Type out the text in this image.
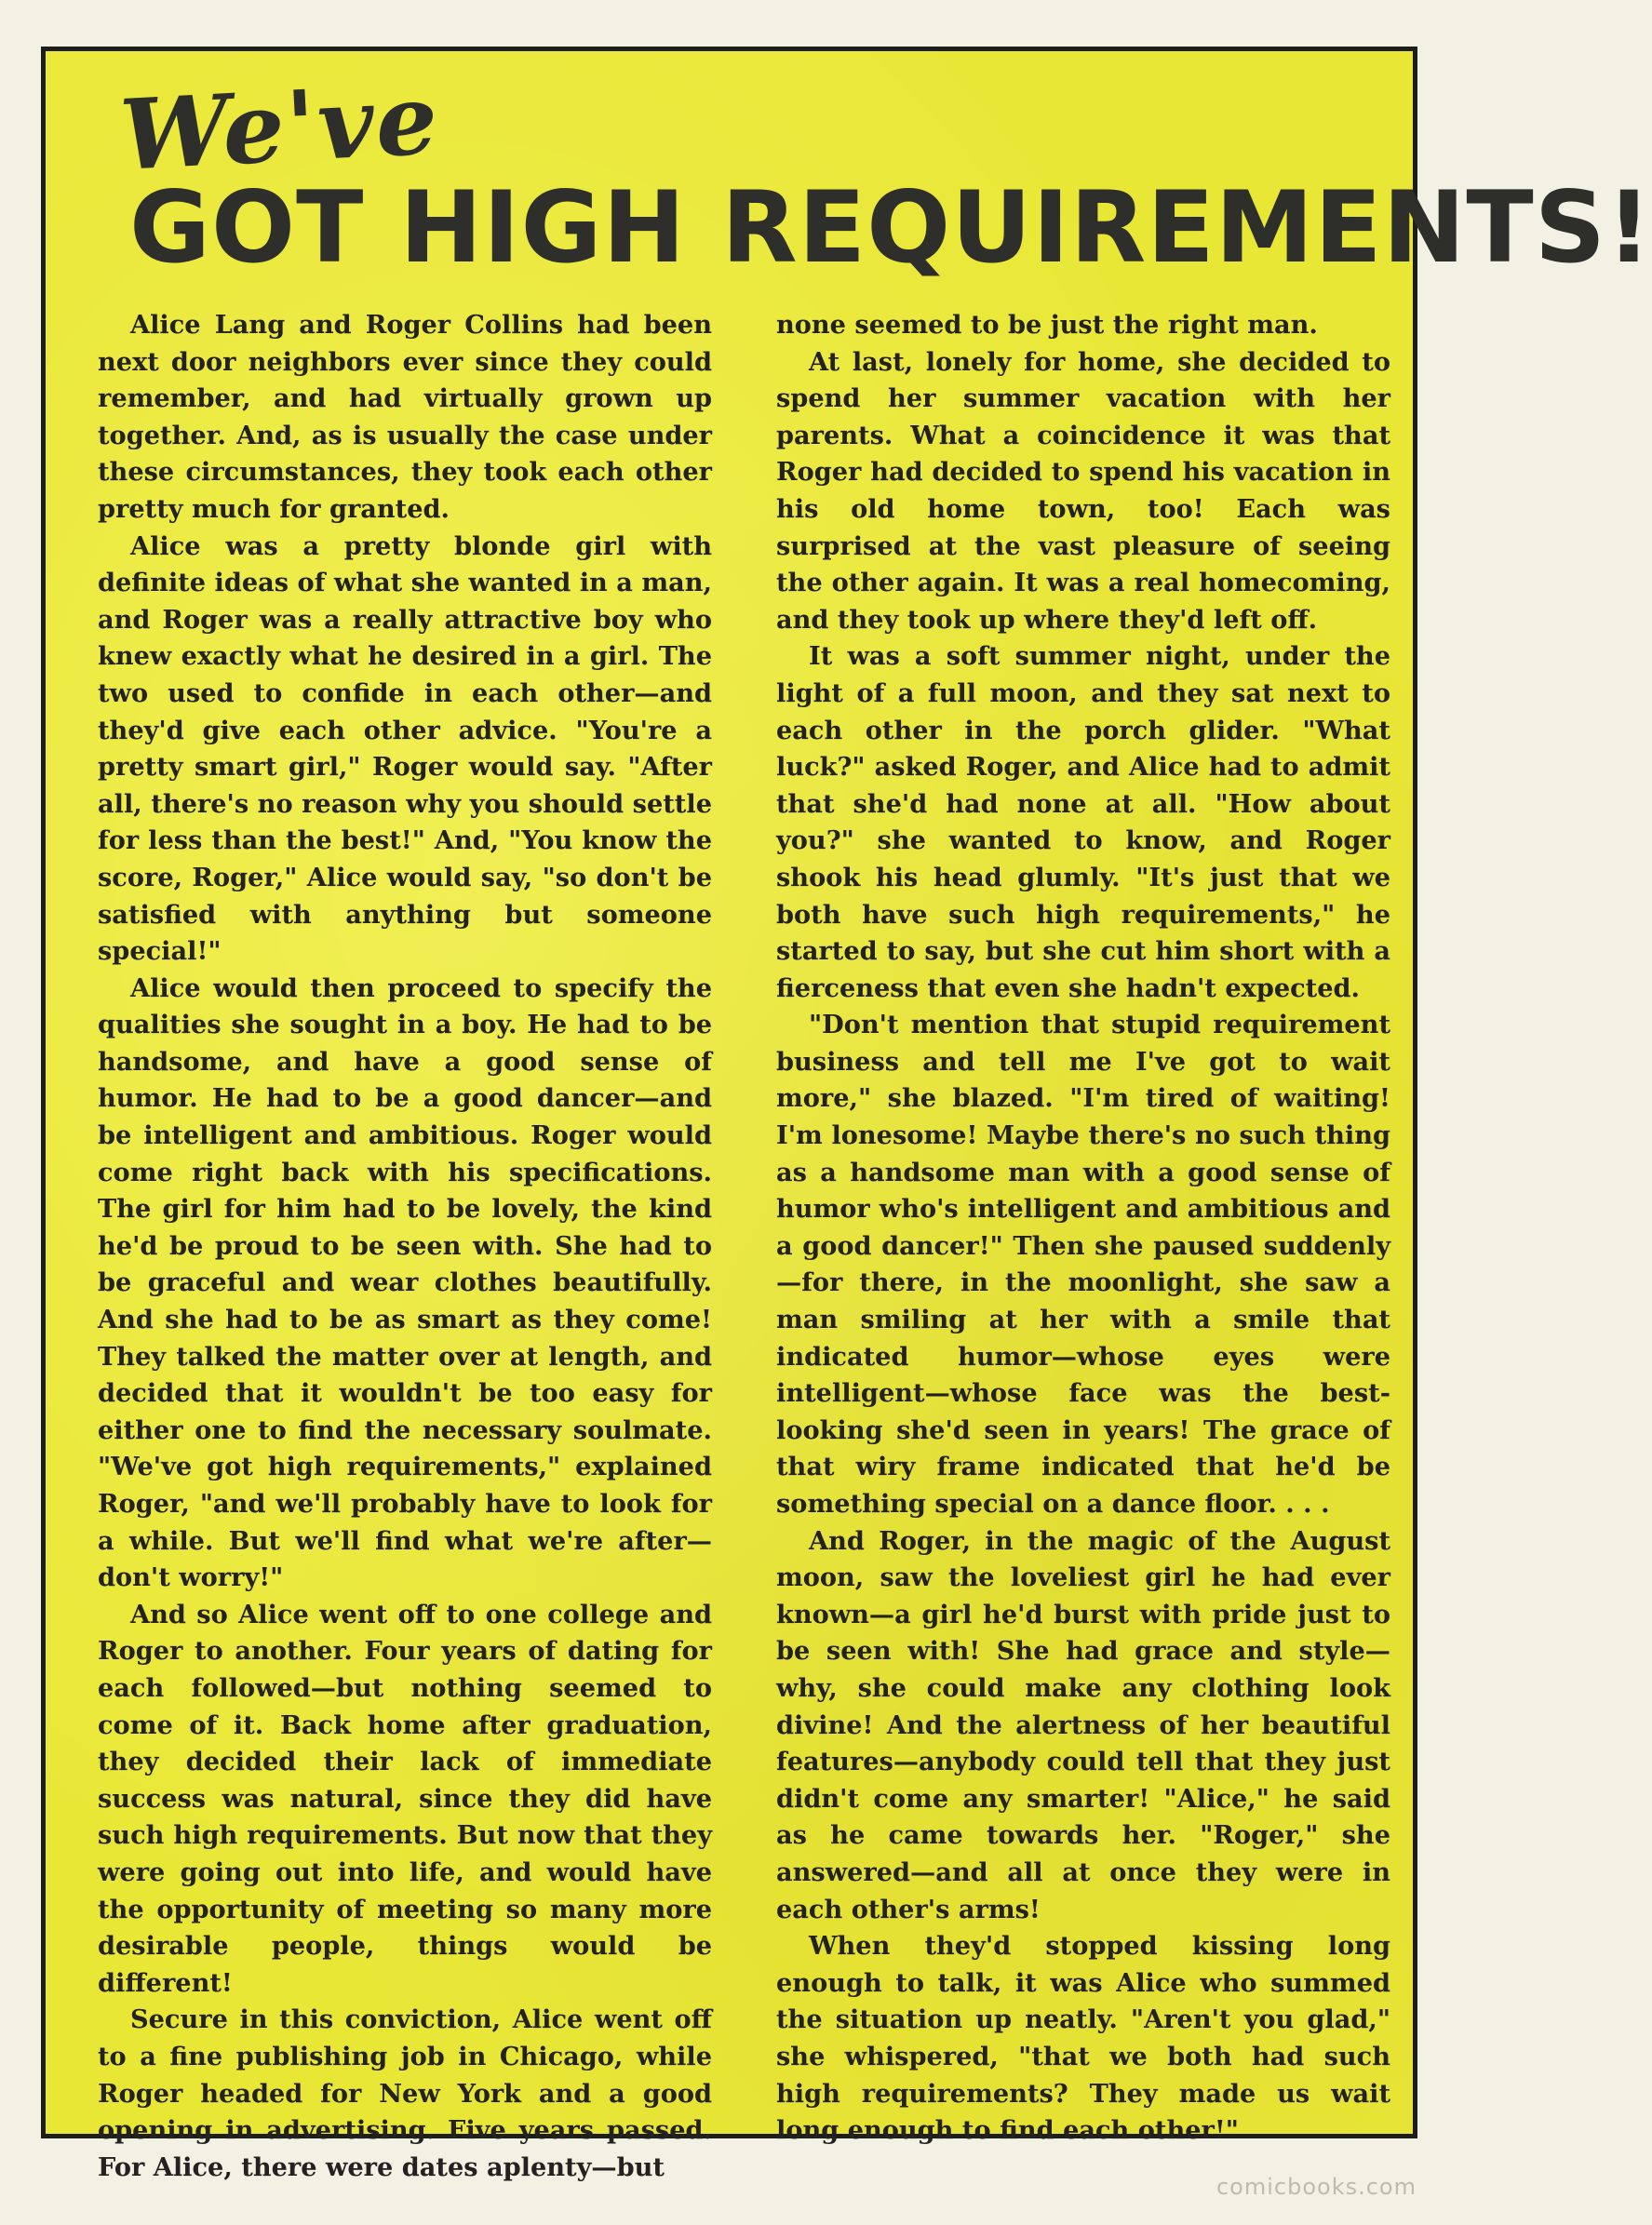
We've
GOT HIGH REQUIREMENTS!

Alice Lang and Roger Collins had been next door neighbors ever since they could remember, and had virtually grown up together. And, as is usually the case under these circumstances, they took each other pretty much for granted.

Alice was a pretty blonde girl with definite ideas of what she wanted in a man, and Roger was a really attractive boy who knew exactly what he desired in a girl. The two used to confide in each other—and they'd give each other advice. "You're a pretty smart girl," Roger would say. "After all, there's no reason why you should settle for less than the best!" And, "You know the score, Roger," Alice would say, "so don't be satisfied with anything but someone special!"

Alice would then proceed to specify the qualities she sought in a boy. He had to be handsome, and have a good sense of humor. He had to be a good dancer—and be intelligent and ambitious. Roger would come right back with his specifications. The girl for him had to be lovely, the kind he'd be proud to be seen with. She had to be graceful and wear clothes beautifully. And she had to be as smart as they come! They talked the matter over at length, and decided that it wouldn't be too easy for either one to find the necessary soulmate. "We've got high requirements," explained Roger, "and we'll probably have to look for a while. But we'll find what we're after—don't worry!"

And so Alice went off to one college and Roger to another. Four years of dating for each followed—but nothing seemed to come of it. Back home after graduation, they decided their lack of immediate success was natural, since they did have such high requirements. But now that they were going out into life, and would have the opportunity of meeting so many more desirable people, things would be different!

Secure in this conviction, Alice went off to a fine publishing job in Chicago, while Roger headed for New York and a good opening in advertising. Five years passed. For Alice, there were dates aplenty—but

none seemed to be just the right man.

At last, lonely for home, she decided to spend her summer vacation with her parents. What a coincidence it was that Roger had decided to spend his vacation in his old home town, too! Each was surprised at the vast pleasure of seeing the other again. It was a real homecoming, and they took up where they'd left off.

It was a soft summer night, under the light of a full moon, and they sat next to each other in the porch glider. "What luck?" asked Roger, and Alice had to admit that she'd had none at all. "How about you?" she wanted to know, and Roger shook his head glumly. "It's just that we both have such high requirements," he started to say, but she cut him short with a fierceness that even she hadn't expected.

"Don't mention that stupid requirement business and tell me I've got to wait more," she blazed. "I'm tired of waiting! I'm lonesome! Maybe there's no such thing as a handsome man with a good sense of humor who's intelligent and ambitious and a good dancer!" Then she paused suddenly—for there, in the moonlight, she saw a man smiling at her with a smile that indicated humor—whose eyes were intelligent—whose face was the best-looking she'd seen in years! The grace of that wiry frame indicated that he'd be something special on a dance floor. . . .

And Roger, in the magic of the August moon, saw the loveliest girl he had ever known—a girl he'd burst with pride just to be seen with! She had grace and style—why, she could make any clothing look divine! And the alertness of her beautiful features—anybody could tell that they just didn't come any smarter! "Alice," he said as he came towards her. "Roger," she answered—and all at once they were in each other's arms!

When they'd stopped kissing long enough to talk, it was Alice who summed the situation up neatly. "Aren't you glad," she whispered, "that we both had such high requirements? They made us wait long enough to find each other!"

comicbooks.com
